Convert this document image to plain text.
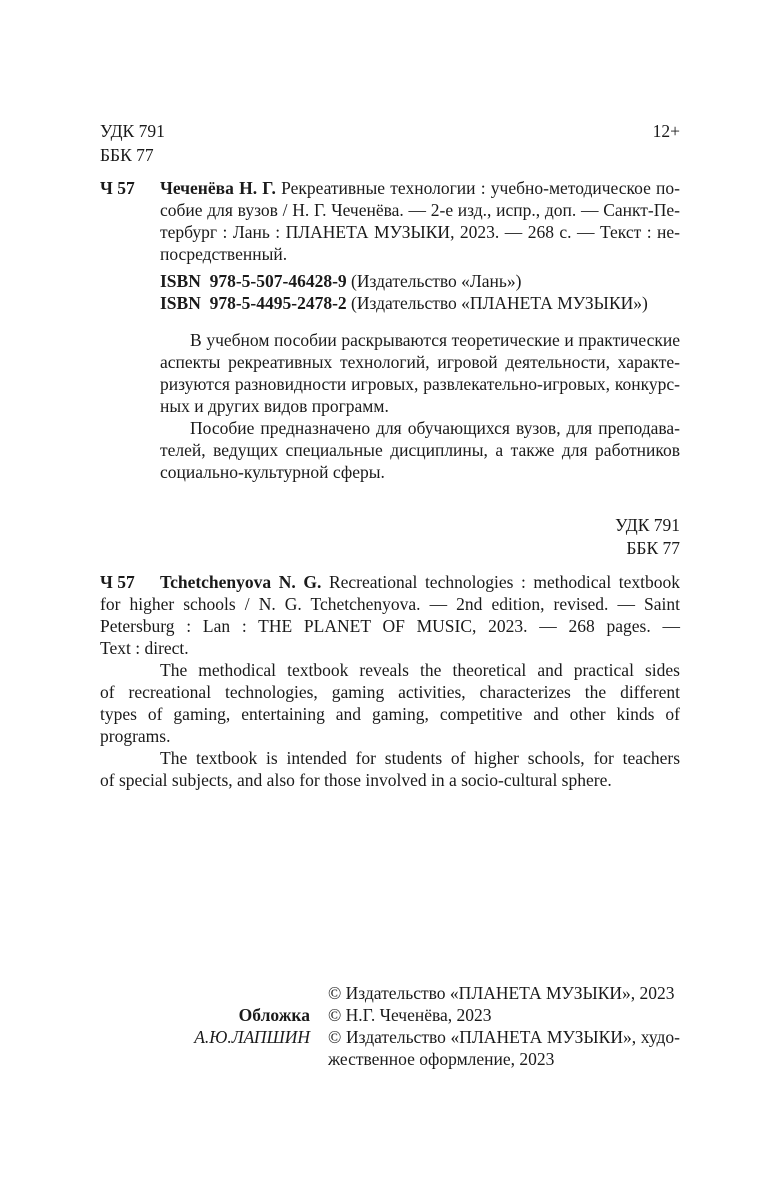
УДК 791
ББК 77
12+
Ч 57 Чеченёва Н. Г. Рекреативные технологии : учебно-методическое по-
собие для вузов / Н. Г. Чеченёва. — 2-е изд., испр., доп. — Санкт-Пе-
тербург : Лань : ПЛАНЕТА МУЗЫКИ, 2023. — 268 с. — Текст : не-
посредственный.
ISBN  978-5-507-46428-9 (Издательство «Лань»)
ISBN  978-5-4495-2478-2 (Издательство «ПЛАНЕТА МУЗЫКИ»)
В учебном пособии раскрываются теоретические и практические
аспекты рекреативных технологий, игровой деятельности, характе-
ризуются разновидности игровых, развлекательно-игровых, конкурс-
ных и других видов программ.
Пособие предназначено для обучающихся вузов, для преподава-
телей, ведущих специальные дисциплины, а также для работников
социально-культурной сферы.
УДК 791
ББК 77
Ч 57	Tchetchenyova N. G. Recreational technologies : methodical textbook
for higher schools / N. G. Tchetchenyova. — 2nd edition, revised. — Saint
Petersburg : Lan : THE PLANET OF MUSIC, 2023. — 268 pages. —
Text : direct.
The methodical textbook reveals the theoretical and practical sides
of recreational technologies, gaming activities, characterizes the different
types of gaming, entertaining and gaming, competitive and other kinds of
programs.
The textbook is intended for students of higher schools, for teachers
of special subjects, and also for those involved in a socio-cultural sphere.
Обложка
А.Ю.ЛАПШИН
© Издательство «ПЛАНЕТА МУЗЫКИ», 2023
© Н.Г. Чеченёва, 2023
© Издательство «ПЛАНЕТА МУЗЫКИ», худо-
жественное оформление, 2023
